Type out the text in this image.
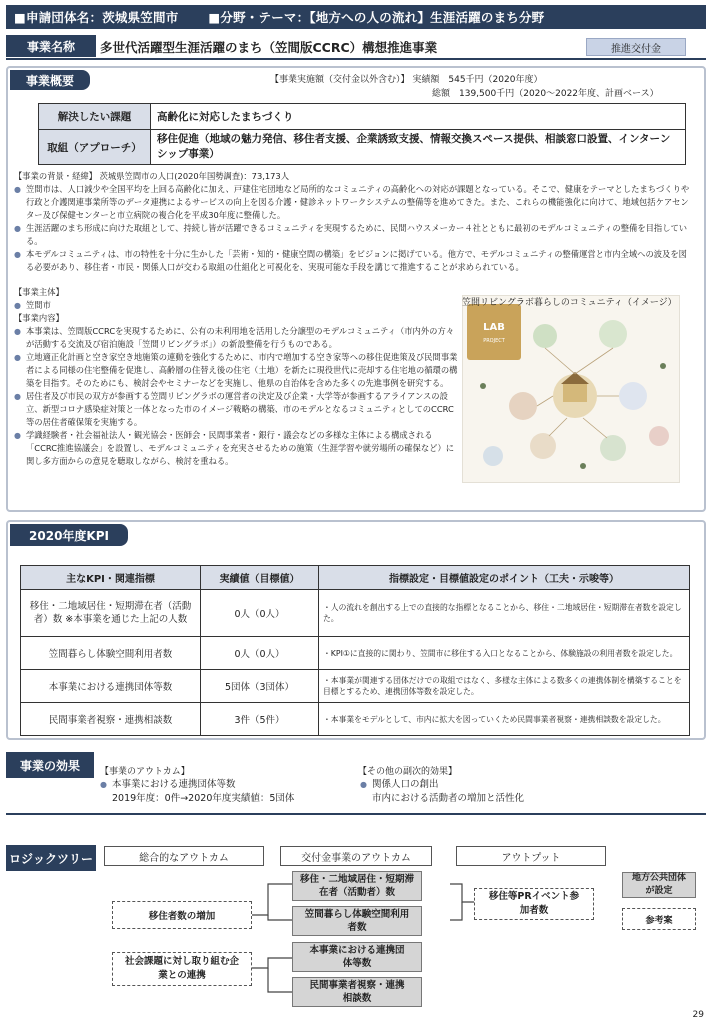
■申請団体名：茨城県笠間市 ■分野・テーマ：【地方への人の流れ】生涯活躍のまち分野
事業名称	多世代活躍型生涯活躍のまち（笠間版CCRC）構想推進事業	推進交付金
事業概要	【事業実施額（交付金以外含む）】 実績額　545千円（2020年度）
総額　139,500千円（2020～2022年度、計画ベース）
解決したい課題	高齢化に対応したまちづくり
取組（アプローチ）	移住促進（地域の魅力発信、移住者支援、企業誘致支援、情報交換スペース提供、相談窓口設置、インターンシップ事業）
【事業の背景・経緯】 茨城県笠間市の人口(2020年国勢調査)：73,173人
● 笠間市は、人口減少や全国平均を上回る高齢化に加え、戸建住宅団地など局所的なコミュニティの高齢化への対応が課題となっている。そこで、健康をテーマとしたまちづくりや行政と介護関連事業所等のデータ連携によるサービスの向上を図る介護・健診ネットワークシステムの整備等を進めてきた。また、これらの機能強化に向けて、地域包括ケアセンター及び保健センターと市立病院の複合化を平成30年度に整備した。
● 生涯活躍のまち形成に向けた取組として、持続し皆が活躍できるコミュニティを実現するために、民間ハウスメーカー４社とともに最初のモデルコミュニティの整備を目指している。
● 本モデルコミュニティは、市の特性を十分に生かした「芸術・知的・健康空間の構築」をビジョンに掲げている。他方で、モデルコミュニティの整備運営と市内全域への波及を図る必要があり、移住者・市民・関係人口が交わる取組の仕組化と可視化を、実現可能な手段を講じて推進することが求められている。
【事業主体】
● 笠間市
【事業内容】
● 本事業は、笠間版CCRCを実現するために、公有の未利用地を活用した分譲型のモデルコミュニティ（市内外の方々が活動する交流及び宿泊施設「笠間リビングラボ」）の新設整備を行うものである。
● 立地適正化計画と空き家空き地施策の連動を強化するために、市内で増加する空き家等への移住促進策及び民間事業者による同様の住宅整備を促進し、高齢層の住替え後の住宅（土地）を新たに現役世代に売却する住宅地の循環の構築を目指す。そのためにも、検討会やセミナーなどを実施し、他県の自治体を含めた多くの先進事例を研究する。
● 居住者及び市民の双方が参画する笠間リビングラボの運営者の決定及び企業・大学等が参画するアライアンスの設立、新型コロナ感染症対策と一体となった市のイメージ戦略の構築、市のモデルとなるコミュニティとしてのCCRC等の居住者確保策を実施する。
● 学識経験者・社会福祉法人・観光協会・医師会・民間事業者・銀行・議会などの多様な主体による構成される「CCRC推進協議会」を設置し、モデルコミュニティを充実させるための施策（生涯学習や就労場所の確保など）に関し多方面からの意見を聴取しながら、検討を重ねる。
LAB
PROJECT
笠間リビングラボ暮らしのコミュニティ（イメージ）
2020年度KPI
主なKPI・関連指標	実績値（目標値）	指標設定・目標値設定のポイント（工夫・示唆等）
移住・二地域居住・短期滞在者（活動者）数 ※本事業を通じた上記の人数	0人（0人）	・人の流れを創出する上での直接的な指標となることから、移住・二地域居住・短期滞在者数を設定した。
笠間暮らし体験空間利用者数	0人（0人）	・KPI①に直接的に関わり、笠間市に移住する入口となることから、体験施設の利用者数を設定した。
本事業における連携団体等数	5団体（3団体）	・本事業が関連する団体だけでの取組ではなく、多様な主体による数多くの連携体制を構築することを目標とするため、連携団体等数を設定した。
民間事業者視察・連携相談数	3件（5件）	・本事業をモデルとして、市内に拡大を図っていくため民間事業者視察・連携相談数を設定した。
事業の効果	【事業のアウトカム】
● 本事業における連携団体等数
2019年度：0件→2020年度実績値：5団体
【その他の副次的効果】
● 関係人口の創出
市内における活動者の増加と活性化
ロジックツリー	総合的なアウトカム	交付金事業のアウトカム	アウトプット
移住者数の増加
社会課題に対し取り組む企業との連携
移住・二地域居住・短期滞在者（活動者）数
笠間暮らし体験空間利用者数
本事業における連携団体等数
民間事業者視察・連携相談数
移住等PRイベント参加者数
地方公共団体が設定
参考案
29
